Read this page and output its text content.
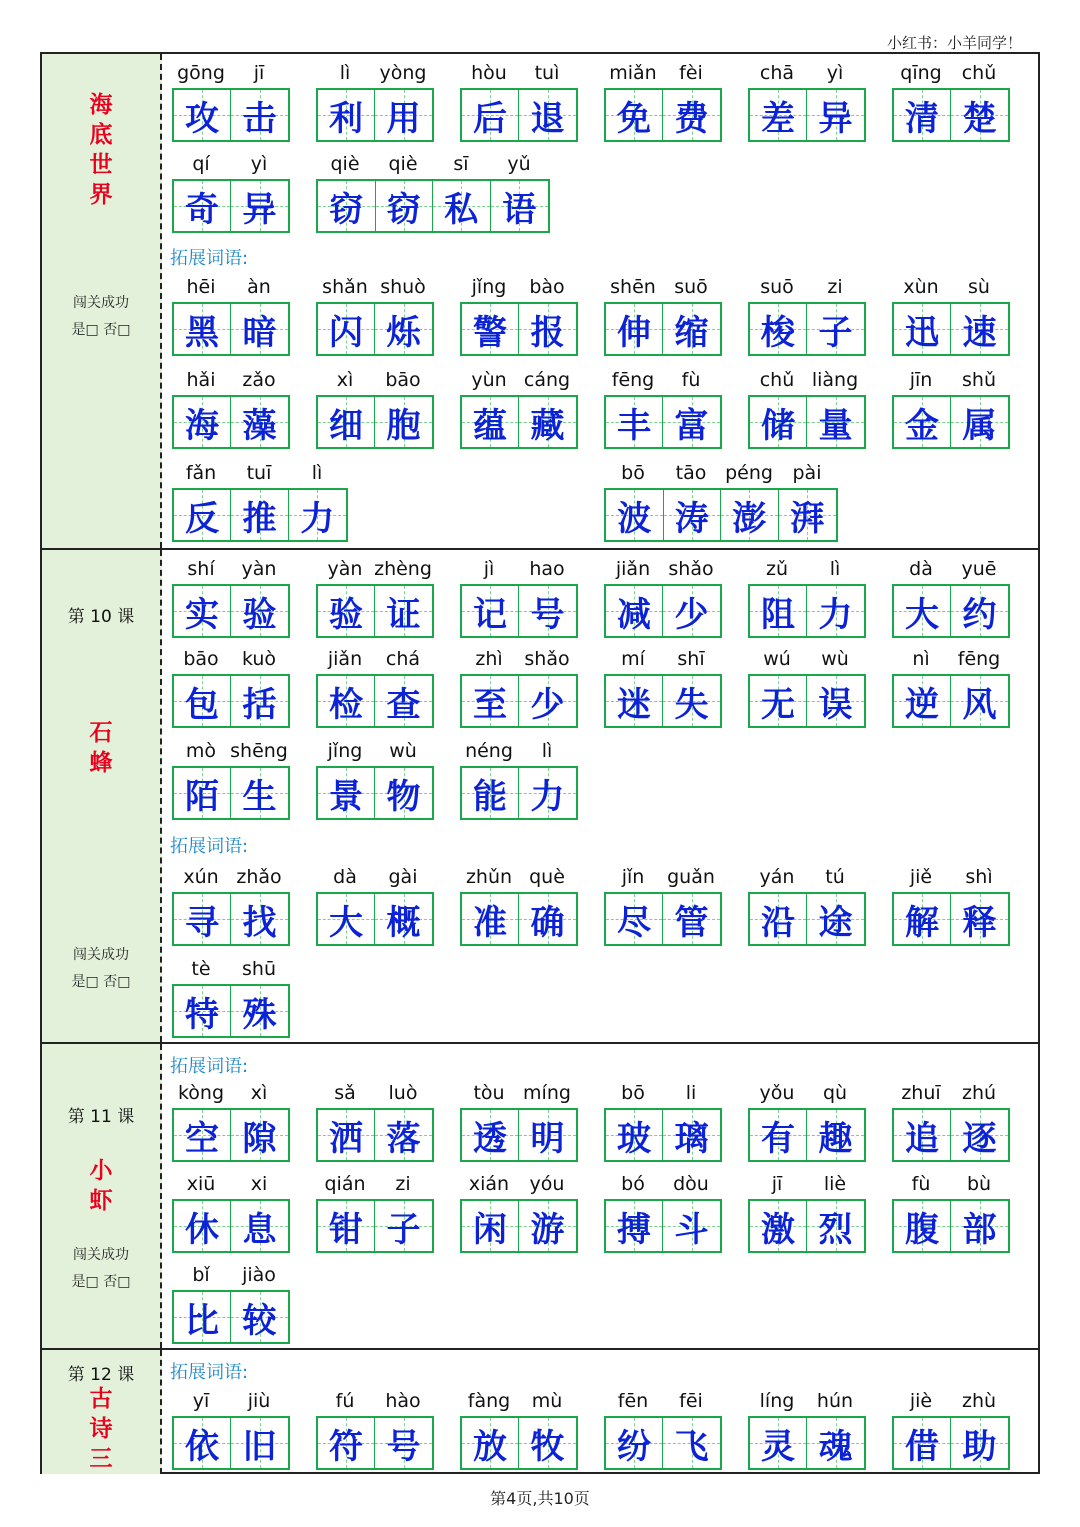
小红书：小羊同学！
海
底
世
界
闯关成功
是□ 否□
拓展词语:
gōng	jī
攻 击
lì	yòng
利 用
hòu	tuì
后 退
miǎn	fèi
免 费
chā	yì
差 异
qīng	chǔ
清 楚
qí	yì
奇 异
qiè	qiè	sī	yǔ
窃 窃 私 语
hēi	àn
黑 暗
shǎn shuò
闪 烁
jǐng	bào
警 报
shēn suō
伸 缩
suō	zi
梭 子
xùn	sù
迅 速
hǎi	zǎo
海 藻
xì	bāo
细 胞
yùn cáng
蕴 藏
fēng	fù
丰 富
chǔ liàng
储 量
jīn	shǔ
金 属
fǎn	tuī	lì
反 推 力
bō	tāo péng	pài
波 涛 澎 湃
第 10 课
石
蜂
闯关成功
是□ 否□
拓展词语:
shí	yàn
实 验
yàn zhèng
验 证
jì	hao
记 号
jiǎn shǎo
减 少
zǔ	lì
阻 力
dà	yuē
大 约
bāo	kuò
包 括
jiǎn	chá
检 查
zhì	shǎo
至 少
mí	shī
迷 失
wú	wù
无 误
nì	fēng
逆 风
mò shēng
陌 生
jǐng	wù
景 物
néng	lì
能 力
xún zhǎo
寻 找
dà	gài
大 概
zhǔn què
准 确
jǐn	guǎn
尽 管
yán	tú
沿 途
jiě	shì
解 释
tè	shū
特 殊
第 11 课
小
虾
闯关成功
是□ 否□
拓展词语:
kòng	xì
空 隙
sǎ	luò
洒 落
tòu míng
透 明
bō	li
玻 璃
yǒu	qù
有 趣
zhuī	zhú
追 逐
xiū	xi
休 息
qián	zi
钳 子
xián	yóu
闲 游
bó	dòu
搏 斗
jī	liè
激 烈
fù	bù
腹 部
bǐ	jiào
比 较
第 12 课
古
诗
三
拓展词语:
yī	jiù
依 旧
fú	hào
符 号
fàng	mù
放 牧
fēn	fēi
纷 飞
líng	hún
灵 魂
jiè	zhù
借 助
第4页,共10页
